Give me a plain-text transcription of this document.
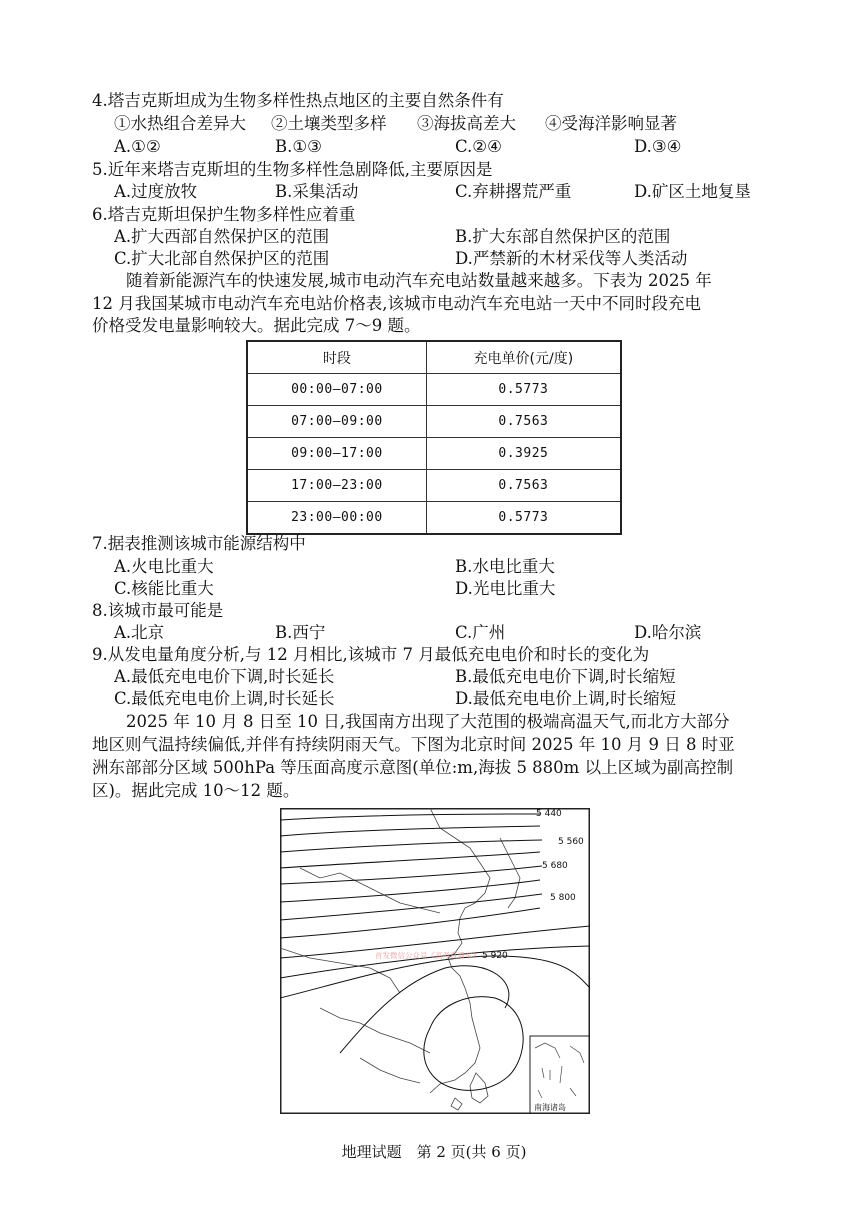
4.塔吉克斯坦成为生物多样性热点地区的主要自然条件有
①水热组合差异大 ②土壤类型多样 ③海拔高差大 ④受海洋影响显著
A.①②	B.①③	C.②④	D.③④
5.近年来塔吉克斯坦的生物多样性急剧降低,主要原因是
A.过度放牧	B.采集活动	C.弃耕撂荒严重	D.矿区土地复垦
6.塔吉克斯坦保护生物多样性应着重
A.扩大西部自然保护区的范围	B.扩大东部自然保护区的范围
C.扩大北部自然保护区的范围	D.严禁新的木材采伐等人类活动
随着新能源汽车的快速发展,城市电动汽车充电站数量越来越多。下表为 2025 年
12 月我国某城市电动汽车充电站价格表,该城市电动汽车充电站一天中不同时段充电
价格受发电量影响较大。据此完成 7～9 题。
时段	充电单价(元/度)
00:00—07:00	0.5773
07:00—09:00	0.7563
09:00—17:00	0.3925
17:00—23:00	0.7563
23:00—00:00	0.5773
7.据表推测该城市能源结构中
A.火电比重大	B.水电比重大
C.核能比重大	D.光电比重大
8.该城市最可能是
A.北京	B.西宁	C.广州	D.哈尔滨
9.从发电量角度分析,与 12 月相比,该城市 7 月最低充电电价和时长的变化为
A.最低充电电价下调,时长延长	B.最低充电电价下调,时长缩短
C.最低充电电价上调,时长延长	D.最低充电电价上调,时长缩短
2025 年 10 月 8 日至 10 日,我国南方出现了大范围的极端高温天气,而北方大部分
地区则气温持续偏低,并伴有持续阴雨天气。下图为北京时间 2025 年 10 月 9 日 8 时亚
洲东部部分区域 500hPa 等压面高度示意图(单位:m,海拔 5 880m 以上区域为副高控制
区)。据此完成 10～12 题。
5 440
5 560
5 680
5 800
5 920
首发微信公众号《高考直通车》
南海诸岛
地理试题　第 2 页(共 6 页)
